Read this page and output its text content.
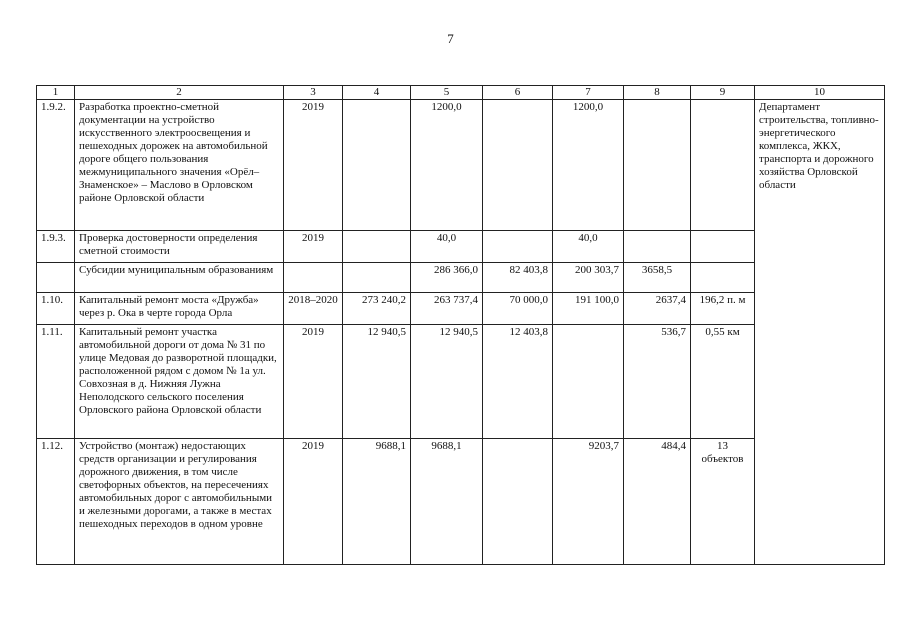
7
1	2	3	4	5	6	7	8	9	10
1.9.2.	Разработка проектно-сметной документации на устройство искусственного электроосвещения и пешеходных дорожек на автомобильной дороге общего пользования межмуниципального значения «Орёл–Знаменское» – Маслово в Орловском районе Орловской области	2019		1200,0		1200,0			Департамент строительства, топливно-энергетического комплекса, ЖКХ, транспорта и дорожного хозяйства Орловской области
1.9.3.	Проверка достоверности определения сметной стоимости	2019		40,0		40,0			
	Субсидии муниципальным образованиям			286 366,0	82 403,8	200 303,7	3658,5		
1.10.	Капитальный ремонт моста «Дружба» через р. Ока в черте города Орла	2018–2020	273 240,2	263 737,4	70 000,0	191 100,0	2637,4	196,2 п. м	
1.11.	Капитальный ремонт участка автомобильной дороги от дома № 31 по улице Медовая до разворотной площадки, расположенной рядом с домом № 1а ул. Совхозная в д. Нижняя Лужна Неполодского сельского поселения Орловского района Орловской области	2019	12 940,5	12 940,5	12 403,8		536,7	0,55 км	
1.12.	Устройство (монтаж) недостающих средств организации и регулирования дорожного движения, в том числе светофорных объектов, на пересечениях автомобильных дорог с автомобильными и железными дорогами, а также в местах пешеходных переходов в одном уровне	2019	9688,1	9688,1		9203,7	484,4	13 объектов	
